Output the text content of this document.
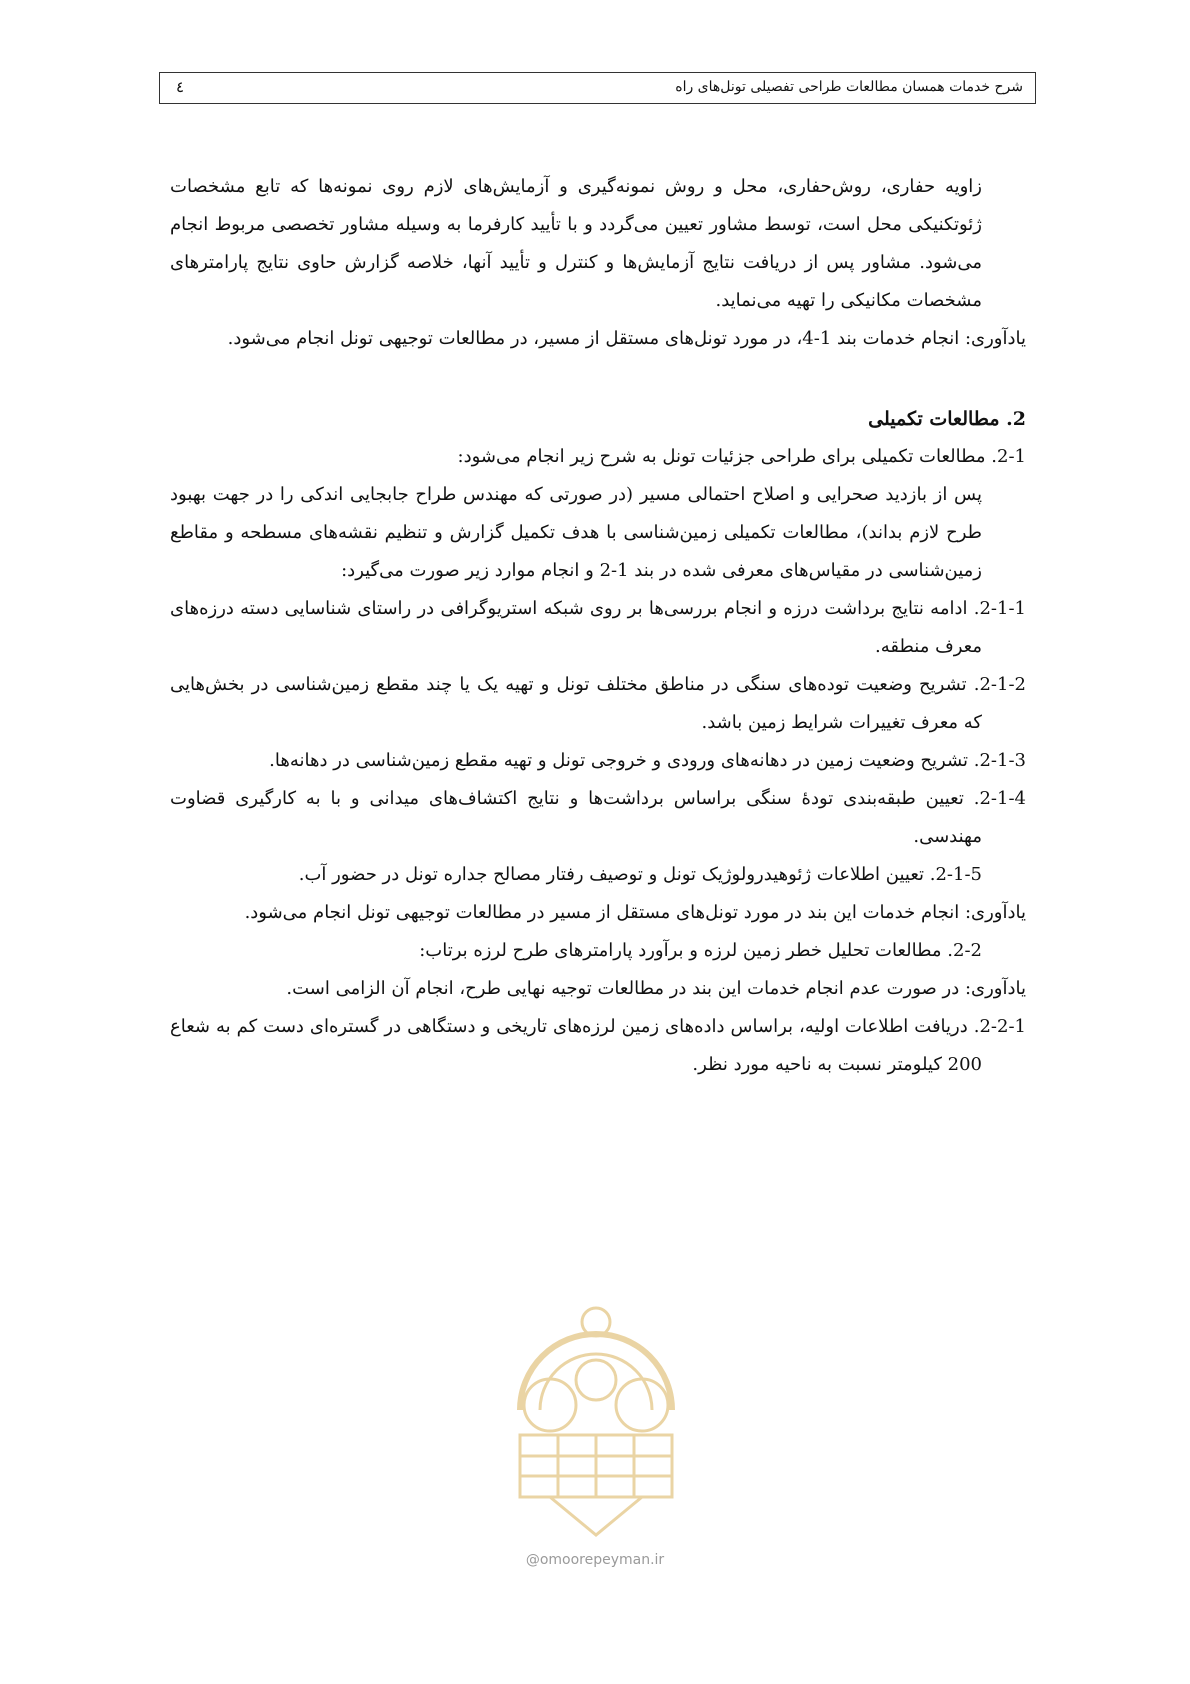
شرح خدمات همسان مطالعات طراحی تفصیلی تونل‌های راه
٤

زاویه حفاری، روش‌حفاری، محل و روش نمونه‌گیری و آزمایش‌های لازم روی نمونه‌ها که تابع مشخصات ژئوتکنیکی محل است، توسط مشاور تعیین می‌گردد و با تأیید کارفرما به وسیله مشاور تخصصی مربوط انجام می‌شود. مشاور پس از دریافت نتایج آزمایش‌ها و کنترل و تأیید آنها، خلاصه گزارش حاوی نتایج پارامترهای مشخصات مکانیکی را تهیه می‌نماید.

یادآوری: انجام خدمات بند 1-4، در مورد تونل‌های مستقل از مسیر، در مطالعات توجیهی تونل انجام می‌شود.

2. مطالعات تکمیلی

2-1. مطالعات تکمیلی برای طراحی جزئیات تونل به شرح زیر انجام می‌شود:

پس از بازدید صحرایی و اصلاح احتمالی مسیر (در صورتی که مهندس طراح جابجایی اندکی را در جهت بهبود طرح لازم بداند)، مطالعات تکمیلی زمین‌شناسی با هدف تکمیل گزارش و تنظیم نقشه‌های مسطحه و مقاطع زمین‌شناسی در مقیاس‌های معرفی شده در بند 1-2 و انجام موارد زیر صورت می‌گیرد:

2-1-1. ادامه نتایج برداشت درزه و انجام بررسی‌ها بر روی شبکه استریوگرافی در راستای شناسایی دسته درزه‌های معرف منطقه.

2-1-2. تشریح وضعیت توده‌های سنگی در مناطق مختلف تونل و تهیه یک یا چند مقطع زمین‌شناسی در بخش‌هایی که معرف تغییرات شرایط زمین باشد.

2-1-3. تشریح وضعیت زمین در دهانه‌های ورودی و خروجی تونل و تهیه مقطع زمین‌شناسی در دهانه‌ها.

2-1-4. تعیین طبقه‌بندی تودهٔ سنگی براساس برداشت‌ها و نتایج اکتشاف‌های میدانی و با به کارگیری قضاوت مهندسی.

2-1-5. تعیین اطلاعات ژئوهیدرولوژیک تونل و توصیف رفتار مصالح جداره تونل در حضور آب.

یادآوری: انجام خدمات این بند در مورد تونل‌های مستقل از مسیر در مطالعات توجیهی تونل انجام می‌شود.

2-2. مطالعات تحلیل خطر زمین لرزه و برآورد پارامترهای طرح لرزه برتاب:

یادآوری: در صورت عدم انجام خدمات این بند در مطالعات توجیه نهایی طرح، انجام آن الزامی است.

2-2-1. دریافت اطلاعات اولیه، براساس داده‌های زمین لرزه‌های تاریخی و دستگاهی در گستره‌ای دست کم به شعاع 200 کیلومتر نسبت به ناحیه مورد نظر.

@omoorepeyman.ir
